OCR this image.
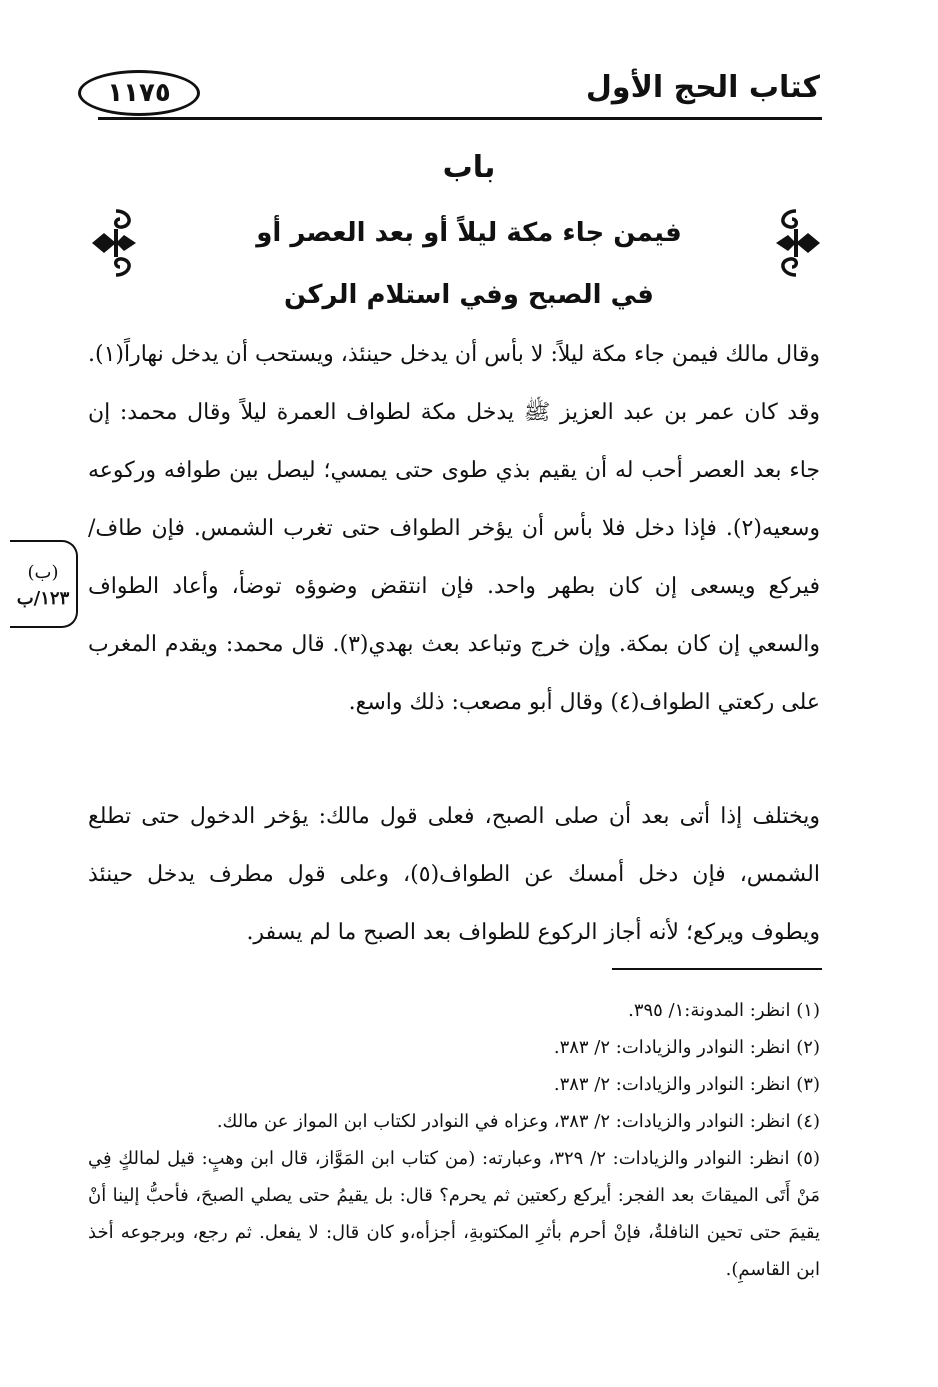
كتاب الحج الأول
١١٧٥
باب
فيمن جاء مكة ليلاً أو بعد العصر أو
في الصبح وفي استلام الركن
وقال مالك فيمن جاء مكة ليلاً: لا بأس أن يدخل حينئذ، ويستحب أن يدخل نهاراً(١). وقد كان عمر بن عبد العزيز ﷺ يدخل مكة لطواف العمرة ليلاً وقال محمد: إن جاء بعد العصر أحب له أن يقيم بذي طوى حتى يمسي؛ ليصل بين طوافه وركوعه وسعيه(٢). فإذا دخل فلا بأس أن يؤخر الطواف حتى تغرب الشمس. فإن طاف/ فيركع ويسعى إن كان بطهر واحد. فإن انتقض وضوؤه توضأ، وأعاد الطواف والسعي إن كان بمكة. وإن خرج وتباعد بعث بهدي(٣). قال محمد: ويقدم المغرب على ركعتي الطواف(٤) وقال أبو مصعب: ذلك واسع.
ويختلف إذا أتى بعد أن صلى الصبح، فعلى قول مالك: يؤخر الدخول حتى تطلع الشمس، فإن دخل أمسك عن الطواف(٥)، وعلى قول مطرف يدخل حينئذ ويطوف ويركع؛ لأنه أجاز الركوع للطواف بعد الصبح ما لم يسفر.
(ب)
١٢٣/ب

(١) انظر: المدونة:١/ ٣٩٥.

(٢) انظر: النوادر والزيادات: ٢/ ٣٨٣.

(٣) انظر: النوادر والزيادات: ٢/ ٣٨٣.

(٤) انظر: النوادر والزيادات: ٢/ ٣٨٣، وعزاه في النوادر لكتاب ابن المواز عن مالك.

(٥) انظر: النوادر والزيادات: ٢/ ٣٢٩، وعبارته: (من كتاب ابن المَوَّاز، قال ابن وهبٍ: قيل لمالكٍ فِي مَنْ أَتَى الميقاتَ بعد الفجر: أيركع ركعتين ثم يحرم؟ قال: بل يقيمُ حتى يصلي الصبحَ، فأحبُّ إلينا أنْ يقيمَ حتى تحين النافلةُ، فإنْ أحرم بأثرِ المكتوبةِ، أجزأه،و كان قال: لا يفعل. ثم رجع، وبرجوعه أخذ ابن القاسمِ).
